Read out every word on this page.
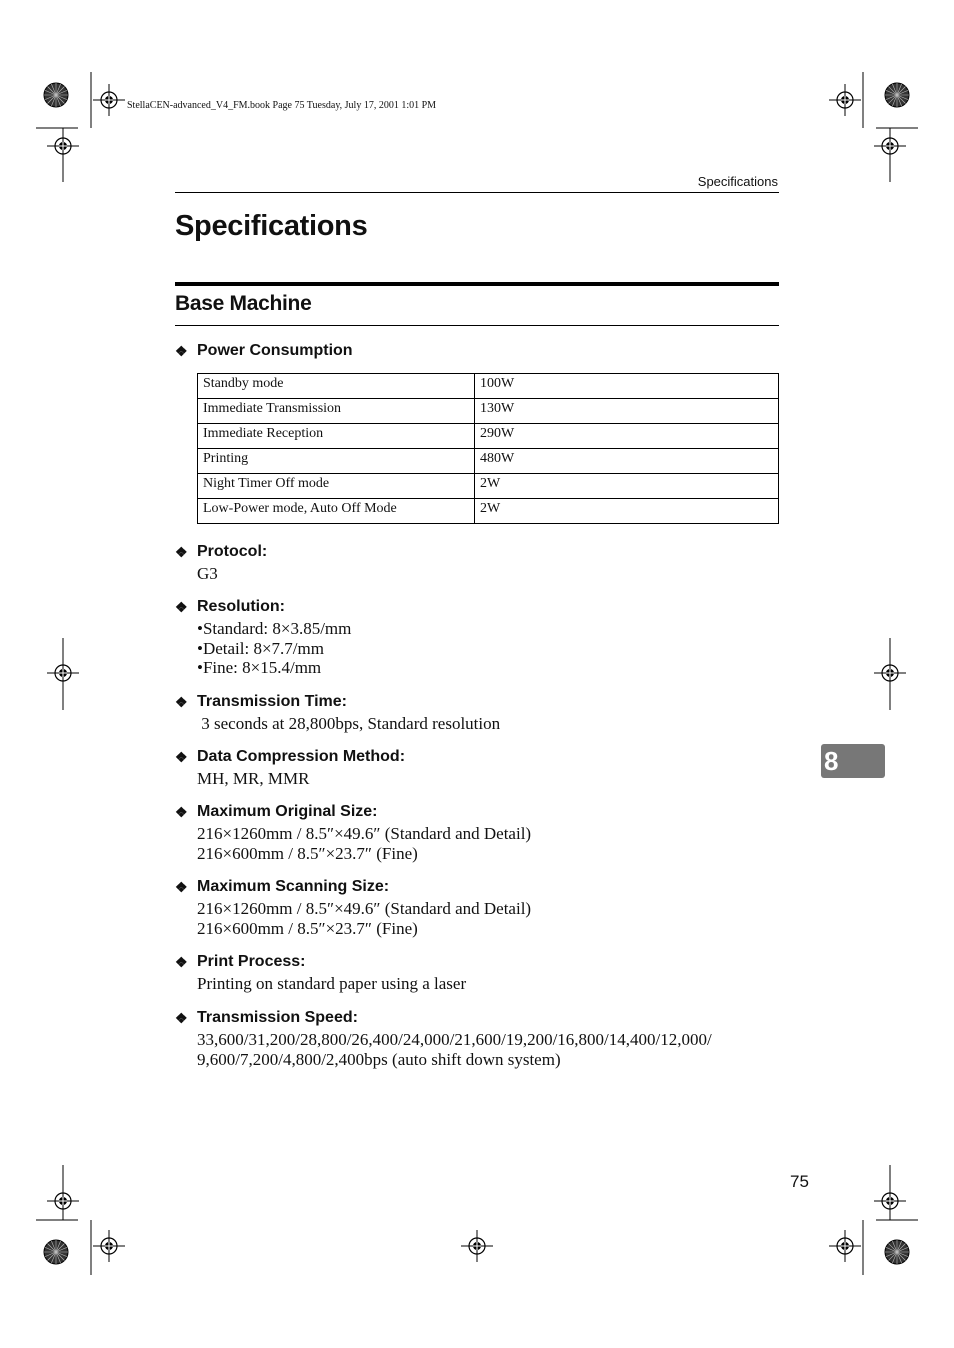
StellaCEN-advanced_V4_FM.book Page 75 Tuesday, July 17, 2001 1:01 PM
Specifications
Specifications
Base Machine
❖ Power Consumption
Standby mode	100W
Immediate Transmission	130W
Immediate Reception	290W
Printing	480W
Night Timer Off mode	2W
Low-Power mode, Auto Off Mode	2W
❖ Protocol:
G3
❖ Resolution:
•Standard: 8×3.85/mm
•Detail: 8×7.7/mm
•Fine: 8×15.4/mm
❖ Transmission Time:
3 seconds at 28,800bps, Standard resolution
❖ Data Compression Method:
MH, MR, MMR
❖ Maximum Original Size:
216×1260mm / 8.5″×49.6″ (Standard and Detail)
216×600mm / 8.5″×23.7″ (Fine)
❖ Maximum Scanning Size:
216×1260mm / 8.5″×49.6″ (Standard and Detail)
216×600mm / 8.5″×23.7″ (Fine)
❖ Print Process:
Printing on standard paper using a laser
❖ Transmission Speed:
33,600/31,200/28,800/26,400/24,000/21,600/19,200/16,800/14,400/12,000/
9,600/7,200/4,800/2,400bps (auto shift down system)
8
75
